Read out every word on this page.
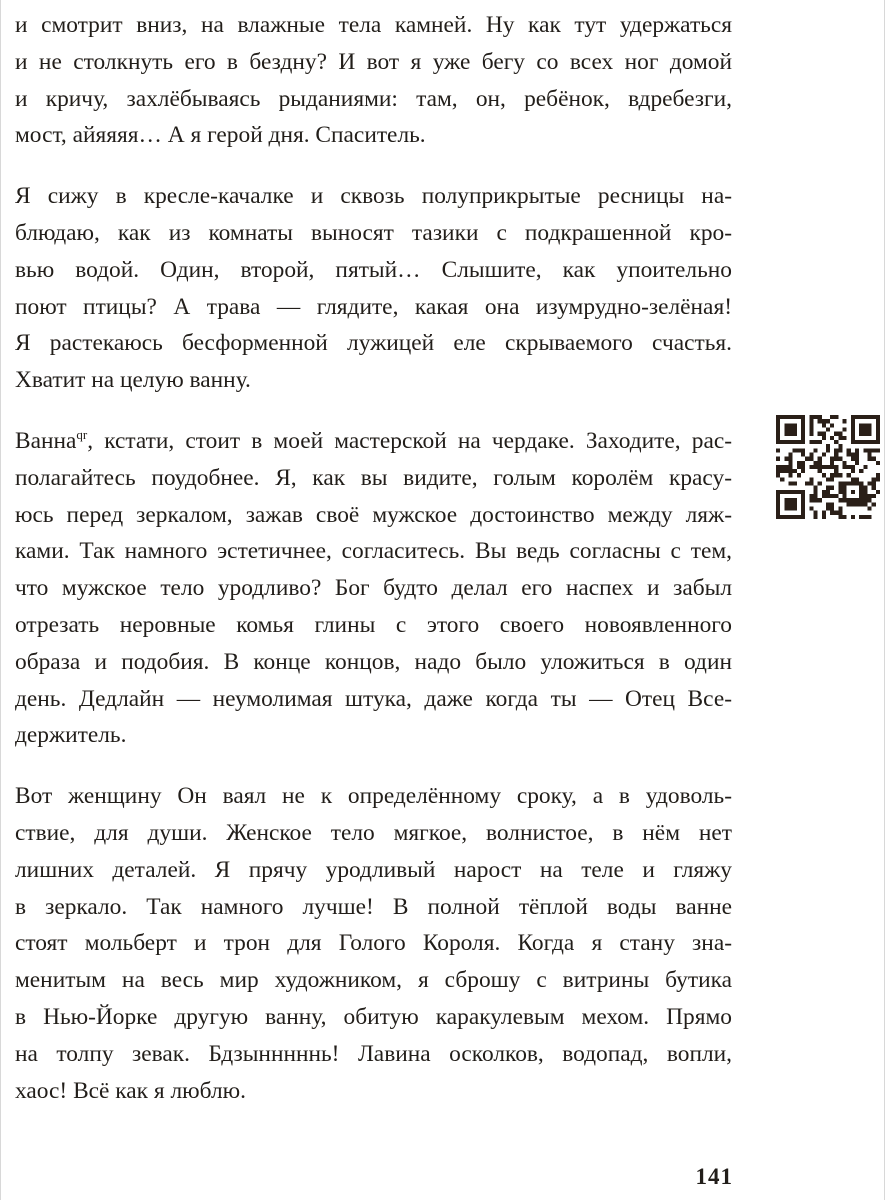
и смотрит вниз, на влажные тела камней. Ну как тут удержаться
и не столкнуть его в бездну? И вот я уже бегу со всех ног домой
и кричу, захлёбываясь рыданиями: там, он, ребёнок, вдребезги,
мост, айяяяя… А я герой дня. Спаситель.
Я сижу в кресле-качалке и сквозь полуприкрытые ресницы на-
блюдаю, как из комнаты выносят тазики с подкрашенной кро-
вью водой. Один, второй, пятый… Слышите, как упоительно
поют птицы? А трава — глядите, какая она изумрудно-зелёная!
Я растекаюсь бесформенной лужицей еле скрываемого счастья.
Хватит на целую ванну.
Ванна$^{qr}$, кстати, стоит в моей мастерской на чердаке. Заходите, рас-
полагайтесь поудобнее. Я, как вы видите, голым королём красу-
юсь перед зеркалом, зажав своё мужское достоинство между ляж-
ками. Так намного эстетичнее, согласитесь. Вы ведь согласны с тем,
что мужское тело уродливо? Бог будто делал его наспех и забыл
отрезать неровные комья глины с этого своего новоявленного
образа и подобия. В конце концов, надо было уложиться в один
день. Дедлайн — неумолимая штука, даже когда ты — Отец Все-
держитель.
Вот женщину Он ваял не к определённому сроку, а в удоволь-
ствие, для души. Женское тело мягкое, волнистое, в нём нет
лишних деталей. Я прячу уродливый нарост на теле и гляжу
в зеркало. Так намного лучше! В полной тёплой воды ванне
стоят мольберт и трон для Голого Короля. Когда я стану зна-
менитым на весь мир художником, я сброшу с витрины бутика
в Нью-Йорке другую ванну, обитую каракулевым мехом. Прямо
на толпу зевак. Бдзынннннь! Лавина осколков, водопад, вопли,
хаос! Всё как я люблю.
141
